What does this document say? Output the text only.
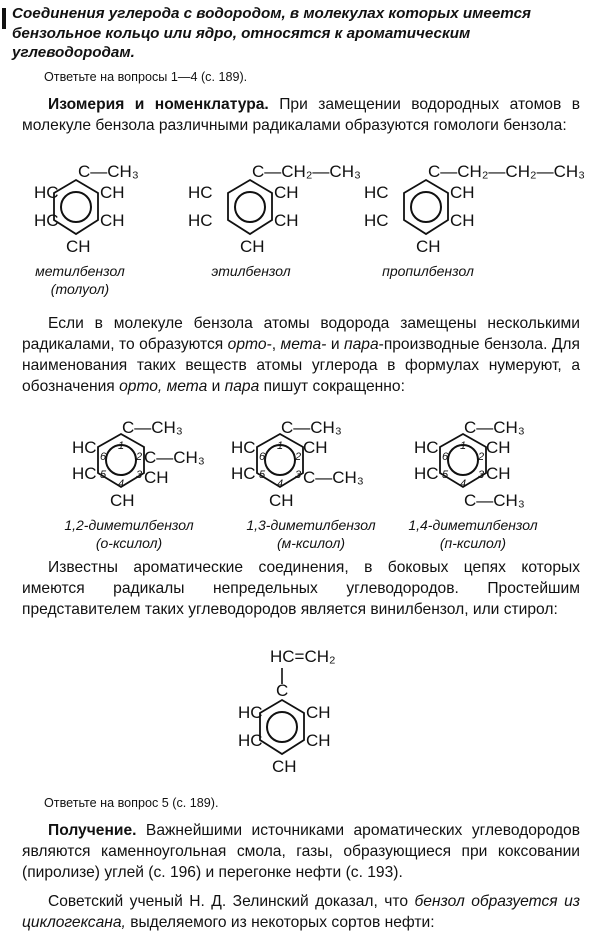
Соединения углерода с водородом, в молекулах которых имеется бензольное кольцо или ядро, относятся к ароматическим углеводородам.
Ответьте на вопросы 1—4 (с. 189).
Изомерия и номенклатура. При замещении водородных атомов в молекуле бензола различными радикалами образуются гомологи бензола:
C—CH₃
HC CH
HC CH
CH
C—CH₂—CH₃
HC	CH
HC	CH
CH
C—CH₂—CH₂—CH₃
HC	CH
HC	CH
CH
метилбензол
(толуол)
этилбензол	пропилбензол
Если в молекуле бензола атомы водорода замещены несколькими радикалами, то образуются орто-, мета- и пара-производные бензола. Для наименования таких веществ атомы углерода в формулах нумеруют, а обозначения орто, мета и пара пишут сокращенно:
C—CH₃
HC
C—CH₃
HC	CH
CH
1
2
3
4
5
6
C—CH₃
HC	CH
HC	C—CH₃
CH
1
2
3
4
5
6
C—CH₃
HC	CH
HC	CH
C—CH₃
1
2
3
4
5
6
1,2-диметилбензол
(о-ксилол)
1,3-диметилбензол
(м-ксилол)
1,4-диметилбензол
(п-ксилол)
Известны ароматические соединения, в боковых цепях которых имеются радикалы непредельных углеводородов. Простейшим представителем таких углеводородов является винилбензол, или стирол:
HC=CH₂
C
HC	CH
HC	CH
CH
Ответьте на вопрос 5 (с. 189).
Получение. Важнейшими источниками ароматических углеводородов являются каменноугольная смола, газы, образующиеся при коксовании (пиролизе) углей (с. 196) и перегонке нефти (с. 193).
Советский ученый Н. Д. Зелинский доказал, что бензол образуется из циклогексана, выделяемого из некоторых сортов нефти:
